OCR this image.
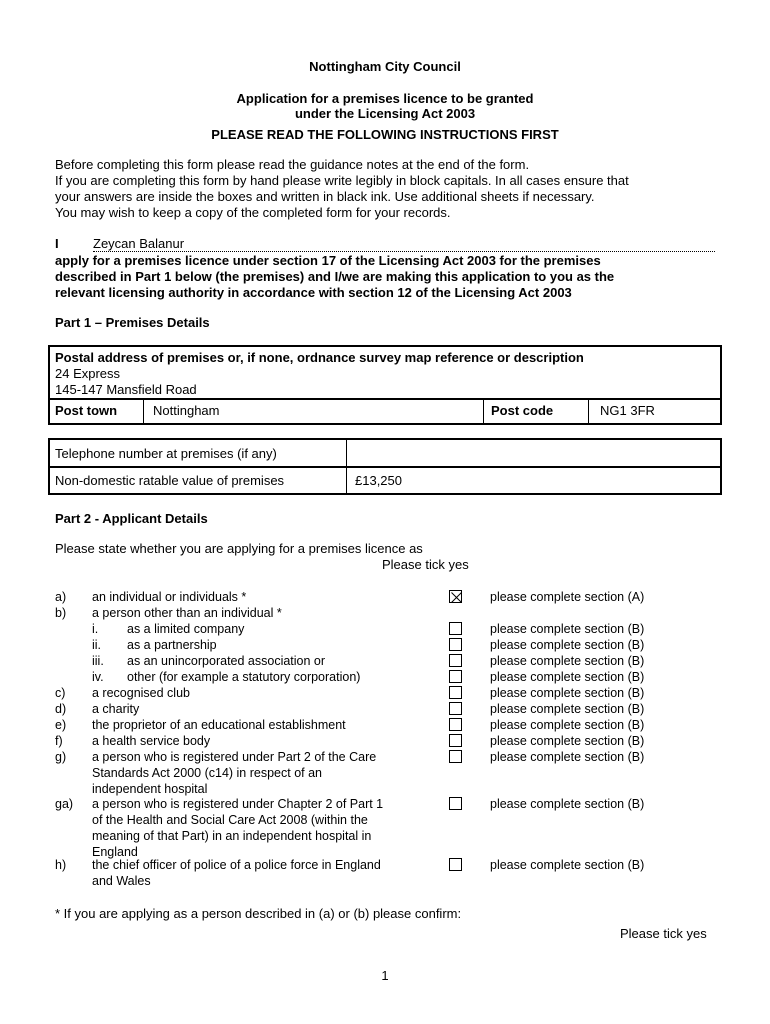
Nottingham City Council
Application for a premises licence to be granted
under the Licensing Act 2003
PLEASE READ THE FOLLOWING INSTRUCTIONS FIRST
Before completing this form please read the guidance notes at the end of the form.
If you are completing this form by hand please write legibly in block capitals. In all cases ensure that
your answers are inside the boxes and written in black ink. Use additional sheets if necessary.
You may wish to keep a copy of the completed form for your records.
I	Zeycan Balanur
apply for a premises licence under section 17 of the Licensing Act 2003 for the premises
described in Part 1 below (the premises) and I/we are making this application to you as the
relevant licensing authority in accordance with section 12 of the Licensing Act 2003
Part 1 – Premises Details
Postal address of premises or, if none, ordnance survey map reference or description
24 Express
145-147 Mansfield Road
Post town	Nottingham	Post code	NG1 3FR
Telephone number at premises (if any)
Non-domestic ratable value of premises	£13,250
Part 2 - Applicant Details
Please state whether you are applying for a premises licence as
Please tick yes
a) an individual or individuals *	please complete section (A)
b) a person other than an individual *
i. as a limited company	please complete section (B)
ii. as a partnership	please complete section (B)
iii. as an unincorporated association or	please complete section (B)
iv. other (for example a statutory corporation)	please complete section (B)
c) a recognised club	please complete section (B)
d) a charity	please complete section (B)
e) the proprietor of an educational establishment	please complete section (B)
f) a health service body	please complete section (B)
g) a person who is registered under Part 2 of the Care
Standards Act 2000 (c14) in respect of an
independent hospital
please complete section (B)
ga) a person who is registered under Chapter 2 of Part 1
of the Health and Social Care Act 2008 (within the
meaning of that Part) in an independent hospital in
England
please complete section (B)
h) the chief officer of police of a police force in England
and Wales
please complete section (B)
* If you are applying as a person described in (a) or (b) please confirm:
Please tick yes
1
